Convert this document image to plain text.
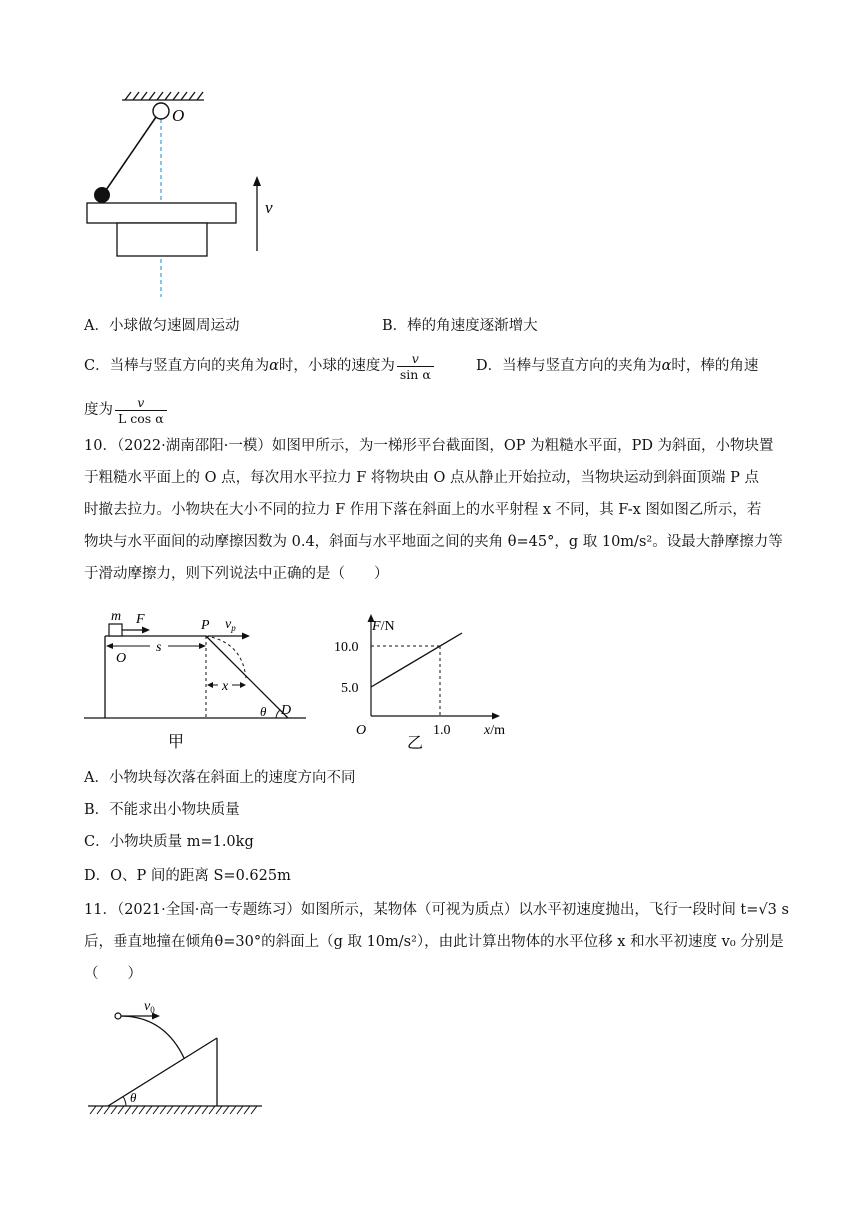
O
v
A．小球做匀速圆周运动	B．棒的角速度逐渐增大
C．当棒与竖直方向的夹角为α时，小球的速度为 $\frac{v}{\text{sin α}}$	D．当棒与竖直方向的夹角为α时，棒的角速
度为 $\frac{v}{\text{L cos α}}$
10．（2022·湖南邵阳·一模）如图甲所示，为一梯形平台截面图，OP 为粗糙水平面，PD 为斜面，小物块置
于粗糙水平面上的 O 点，每次用水平拉力 F 将物块由 O 点从静止开始拉动，当物块运动到斜面顶端 P 点
时撤去拉力。小物块在大小不同的拉力 F 作用下落在斜面上的水平射程 x 不同，其 F-x 图如图乙所示，若
物块与水平面间的动摩擦因数为 0.4，斜面与水平地面之间的夹角 θ=45°，g 取 10m/s²。设最大静摩擦力等
于滑动摩擦力，则下列说法中正确的是（　　）
m F	P $v_p$
O
s
x
θ D
甲
F/N
10.0
5.0
O	1.0 x/m
乙
A．小物块每次落在斜面上的速度方向不同
B．不能求出小物块质量
C．小物块质量 m=1.0kg
D．O、P 间的距离 S=0.625m
11．（2021·全国·高一专题练习）如图所示，某物体（可视为质点）以水平初速度抛出，飞行一段时间 t=√3 s
后，垂直地撞在倾角θ=30°的斜面上（g 取 10m/s²），由此计算出物体的水平位移 x 和水平初速度 v₀ 分别是
（　　）
$v_0$
θ
